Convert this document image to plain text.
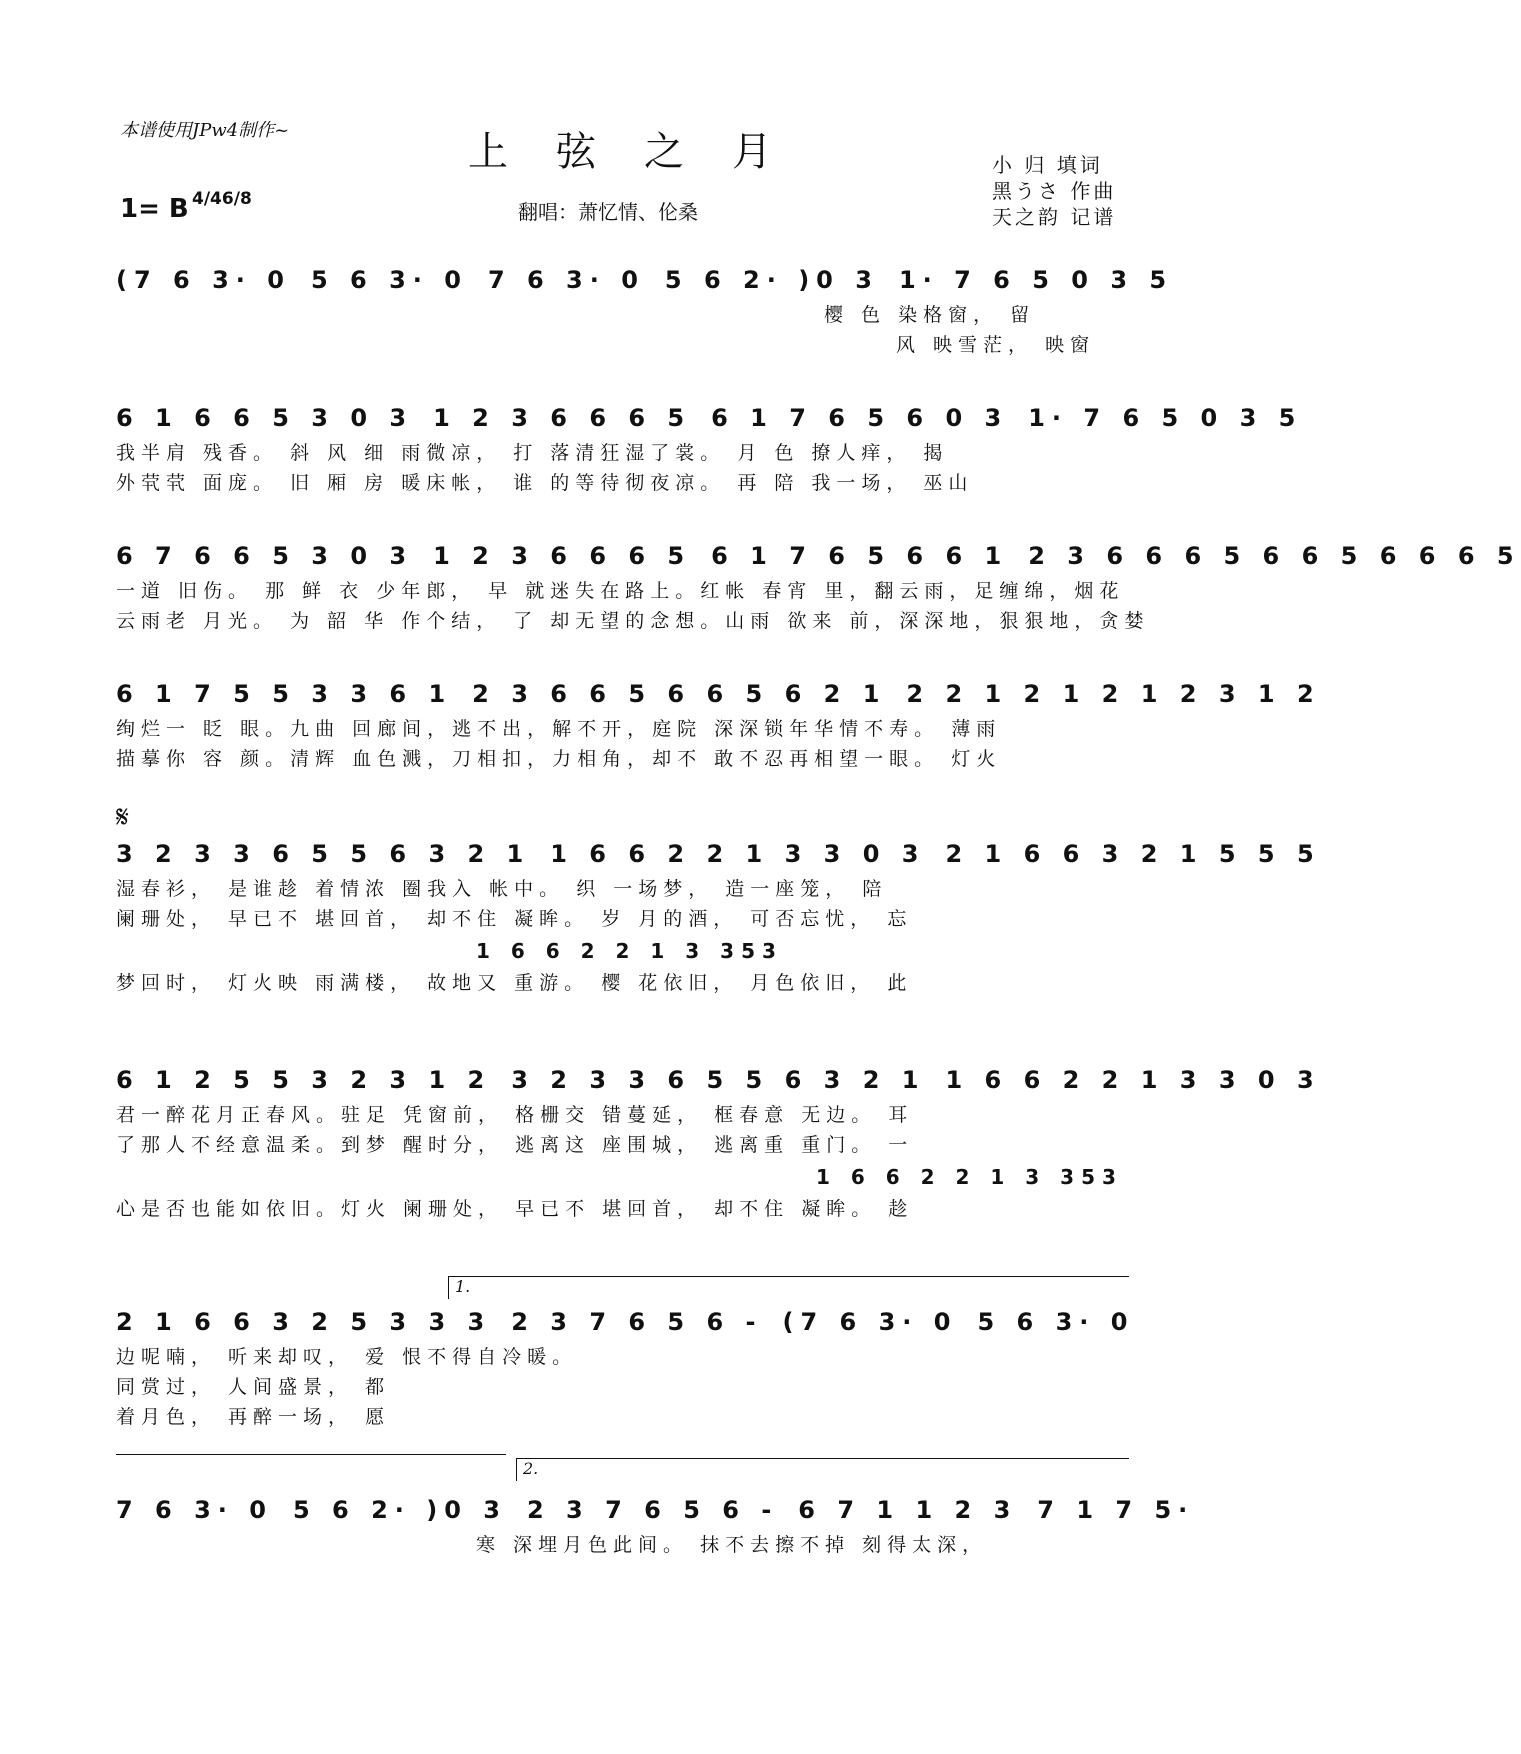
本谱使用JPw4制作~	上弦之月	小 归 填词
黑うさ 作曲
天之韵 记谱
1= B 4/4 6/8
翻唱：萧忆情、伦桑
(7 6 3· 0 5 6 3· 0 7 6 3· 0 5 6 2· )0 3 1· 7 6 5 0 3 5
樱 色 染格窗， 留
风 映雪茫， 映窗
6 1 6 6 5 3 0 3 1 2 3 6 6 6 5 6 1 7 6 5 6 0 3 1· 7 6 5 0 3 5
我半肩 残香。 斜 风 细 雨微凉， 打 落清狂湿了裳。 月 色 撩人痒， 揭
外茕茕 面庞。 旧 厢 房 暖床帐， 谁 的等待彻夜凉。 再 陪 我一场， 巫山
6 7 6 6 5 3 0 3 1 2 3 6 6 6 5 6 1 7 6 5 6 6 1 2 3 6 6 6 5 6 6 5 6 6 6 5
一道 旧伤。 那 鲜 衣 少年郎， 早 就迷失在路上。红帐 春宵 里，翻云雨，足缠绵，烟花
云雨老 月光。 为 韶 华 作个结， 了 却无望的念想。山雨 欲来 前，深深地，狠狠地，贪婪
6 1 7 5 5 3 3 6 1 2 3 6 6 5 6 6 5 6 2 1 2 2 1 2 1 2 1 2 3 1 2
绚烂一 眨 眼。九曲 回廊间，逃不出，解不开，庭院 深深锁年华情不寿。 薄雨
描摹你 容 颜。清辉 血色溅，刀相扣，力相角，却不 敢不忍再相望一眼。 灯火
𝄋
3 2 3 3 6 5 5 6 3 2 1 1 6 6 2 2 1 3 3 0 3 2 1 6 6 3 2 1 5 5 5
湿春衫， 是谁趁 着情浓 圈我入 帐中。 织 一场梦， 造一座笼， 陪
阑珊处， 早已不 堪回首， 却不住 凝眸。 岁 月的酒， 可否忘忧， 忘
1 6 6 2 2 1 3 353
梦回时， 灯火映 雨满楼， 故地又 重游。 樱 花依旧， 月色依旧， 此
6 1 2 5 5 3 2 3 1 2 3 2 3 3 6 5 5 6 3 2 1 1 6 6 2 2 1 3 3 0 3
君一醉花月正春风。驻足 凭窗前， 格栅交 错蔓延， 框春意 无边。 耳
了那人不经意温柔。到梦 醒时分， 逃离这 座围城， 逃离重 重门。 一
1 6 6 2 2 1 3 353
心是否也能如依旧。灯火 阑珊处， 早已不 堪回首， 却不住 凝眸。 趁
1.
2 1 6 6 3 2 5 3 3 3 2 3 7 6 5 6 - (7 6 3· 0 5 6 3· 0
边呢喃， 听来却叹， 爱 恨不得自冷暖。
同赏过， 人间盛景， 都
着月色， 再醉一场， 愿
2.
7 6 3· 0 5 6 2· )0 3 2 3 7 6 5 6 - 6 7 1 1 2 3 7 1 7 5·
寒 深埋月色此间。 抹不去擦不掉 刻得太深，
